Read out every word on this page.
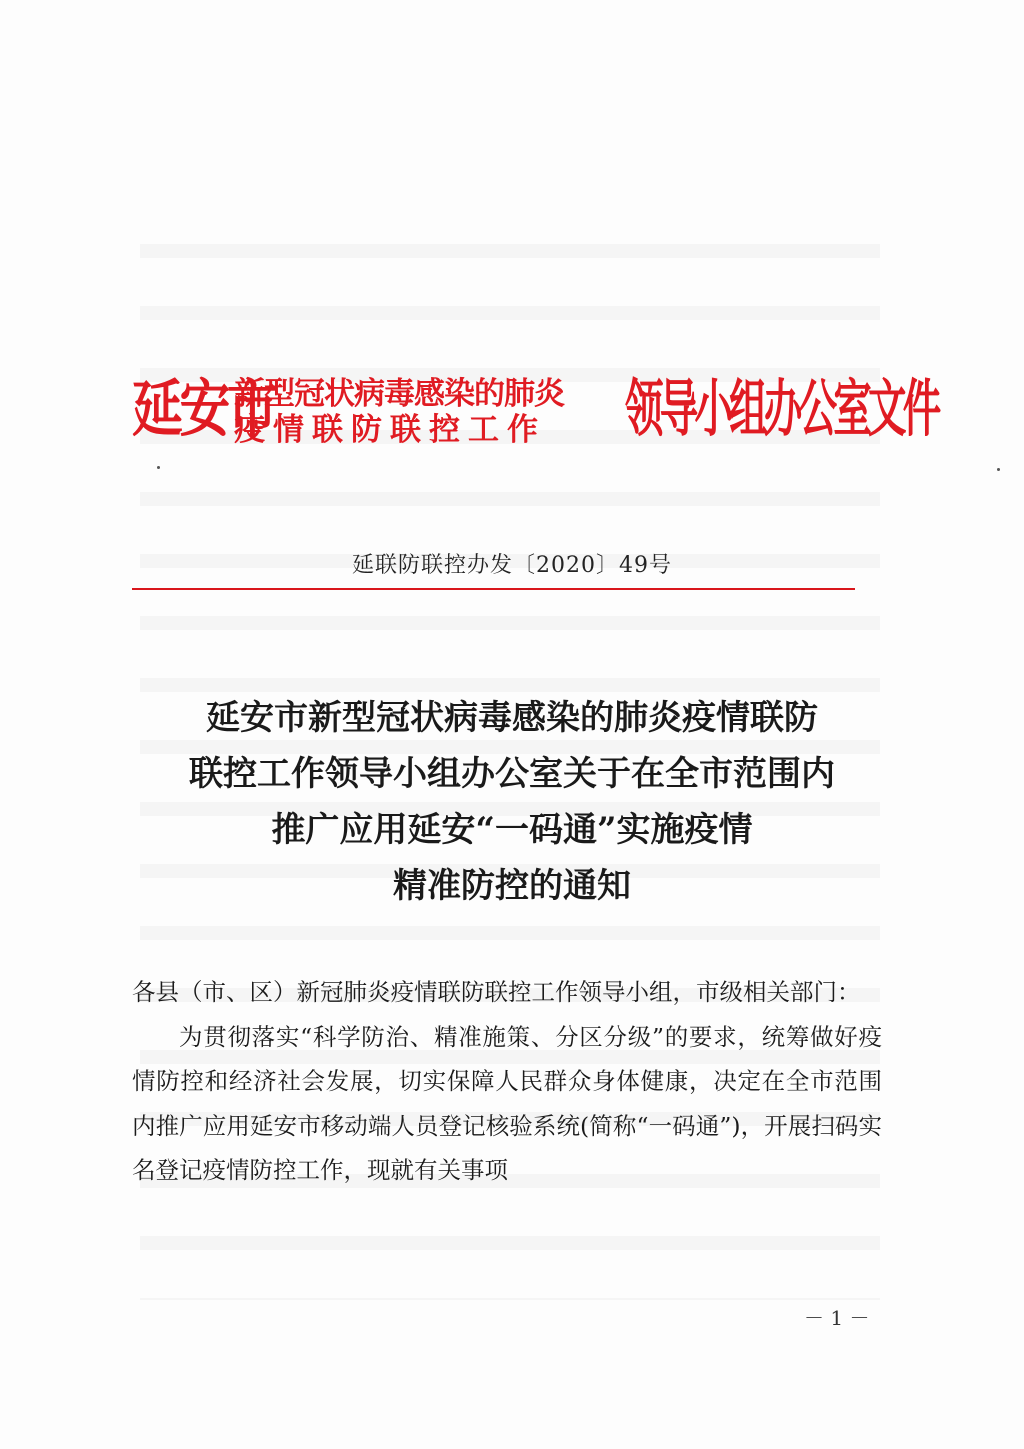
延安市
新型冠状病毒感染的肺炎
疫情联防联控工作 领导小组办公室文件
延联防联控办发〔2020〕49号
延安市新型冠状病毒感染的肺炎疫情联防
联控工作领导小组办公室关于在全市范围内
推广应用延安“一码通”实施疫情
精准防控的通知

各县（市、区）新冠肺炎疫情联防联控工作领导小组，市级相关部门：

为贯彻落实“科学防治、精准施策、分区分级”的要求，统筹做好疫情防控和经济社会发展，切实保障人民群众身体健康，决定在全市范围内推广应用延安市移动端人员登记核验系统(简称“一码通”)，开展扫码实名登记疫情防控工作，现就有关事项

－ 1 －
